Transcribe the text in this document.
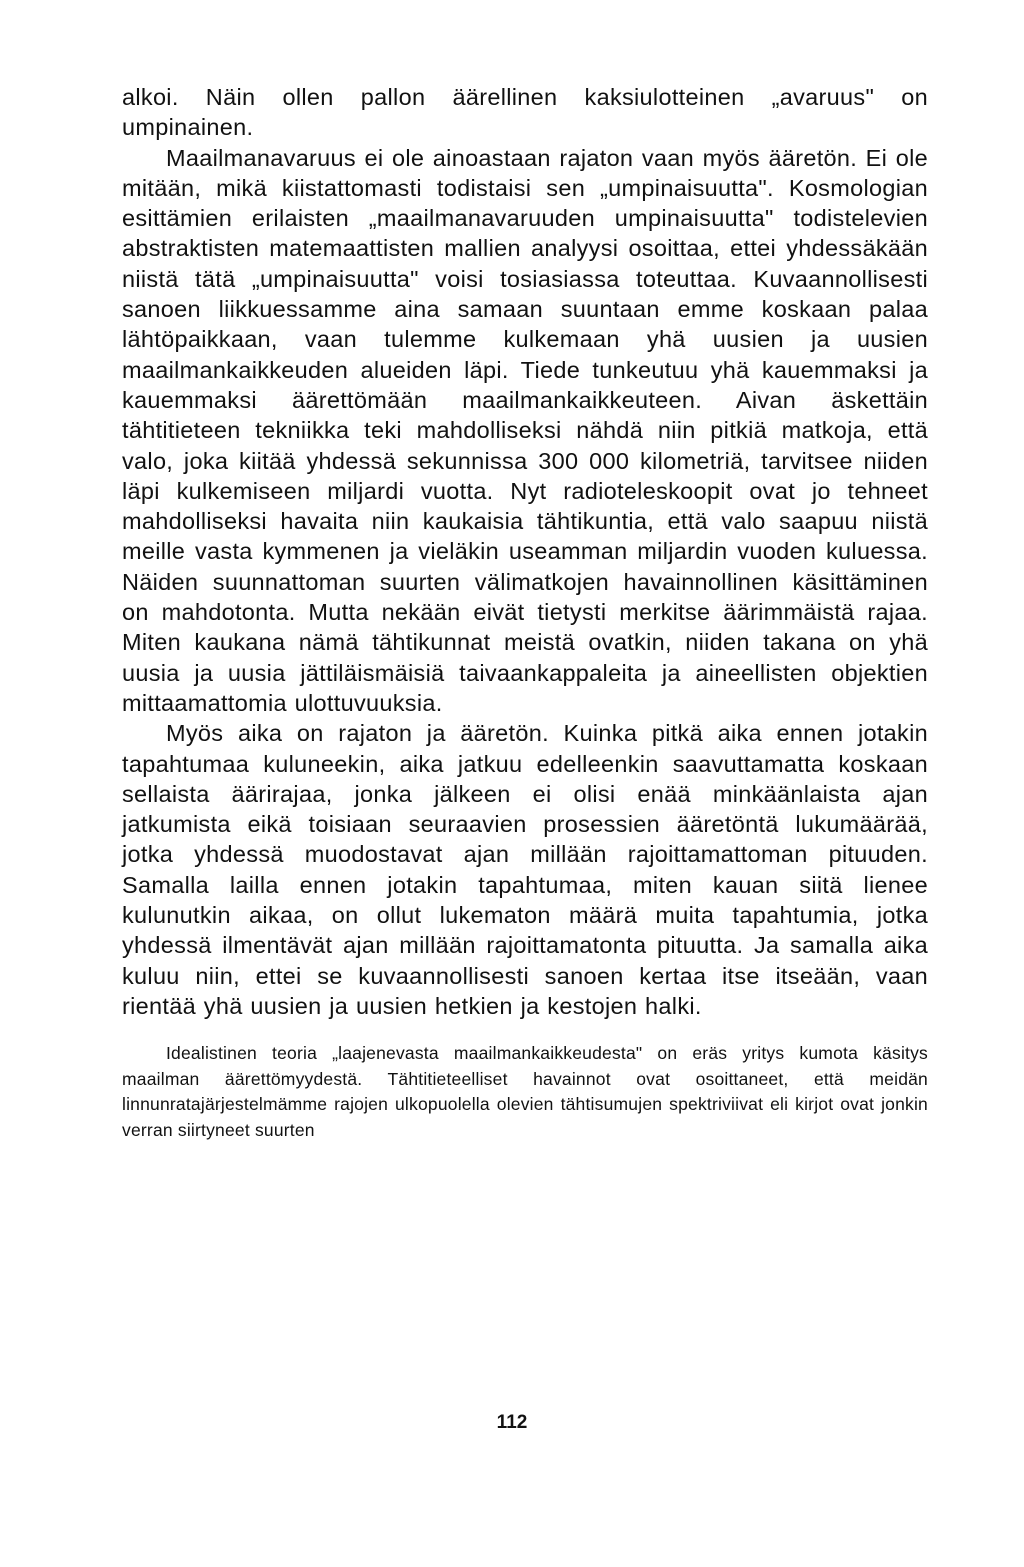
alkoi. Näin ollen pallon äärellinen kaksiulotteinen „avaruus" on umpinainen.

Maailmanavaruus ei ole ainoastaan rajaton vaan myös ääretön. Ei ole mitään, mikä kiistattomasti todistaisi sen „umpinaisuutta". Kosmologian esittämien erilaisten „maailmanavaruuden umpinaisuutta" todistelevien abstraktisten matemaattisten mallien analyysi osoittaa, ettei yhdessäkään niistä tätä „umpinaisuutta" voisi tosiasiassa toteuttaa. Kuvaannollisesti sanoen liikkuessamme aina samaan suuntaan emme koskaan palaa lähtöpaikkaan, vaan tulemme kulkemaan yhä uusien ja uusien maailmankaikkeuden alueiden läpi. Tiede tunkeutuu yhä kauemmaksi ja kauemmaksi äärettömään maailmankaikkeuteen. Aivan äskettäin tähtitieteen tekniikka teki mahdolliseksi nähdä niin pitkiä matkoja, että valo, joka kiitää yhdessä sekunnissa 300 000 kilometriä, tarvitsee niiden läpi kulkemiseen miljardi vuotta. Nyt radioteleskoopit ovat jo tehneet mahdolliseksi havaita niin kaukaisia tähtikuntia, että valo saapuu niistä meille vasta kymmenen ja vieläkin useamman miljardin vuoden kuluessa. Näiden suunnattoman suurten välimatkojen havainnollinen käsittäminen on mahdotonta. Mutta nekään eivät tietysti merkitse äärimmäistä rajaa. Miten kaukana nämä tähtikunnat meistä ovatkin, niiden takana on yhä uusia ja uusia jättiläismäisiä taivaankappaleita ja aineellisten objektien mittaamattomia ulottuvuuksia.

Myös aika on rajaton ja ääretön. Kuinka pitkä aika ennen jotakin tapahtumaa kuluneekin, aika jatkuu edelleenkin saavuttamatta koskaan sellaista äärirajaa, jonka jälkeen ei olisi enää minkäänlaista ajan jatkumista eikä toisiaan seuraavien prosessien ääretöntä lukumäärää, jotka yhdessä muodostavat ajan millään rajoittamattoman pituuden. Samalla lailla ennen jotakin tapahtumaa, miten kauan siitä lienee kulunutkin aikaa, on ollut lukematon määrä muita tapahtumia, jotka yhdessä ilmentävät ajan millään rajoittamatonta pituutta. Ja samalla aika kuluu niin, ettei se kuvaannollisesti sanoen kertaa itse itseään, vaan rientää yhä uusien ja uusien hetkien ja kestojen halki.

Idealistinen teoria „laajenevasta maailmankaikkeudesta" on eräs yritys kumota käsitys maailman äärettömyydestä. Tähtitieteelliset havainnot ovat osoittaneet, että meidän linnunratajärjestelmämme rajojen ulkopuolella olevien tähtisumujen spektriviivat eli kirjot ovat jonkin verran siirtyneet suurten

112
